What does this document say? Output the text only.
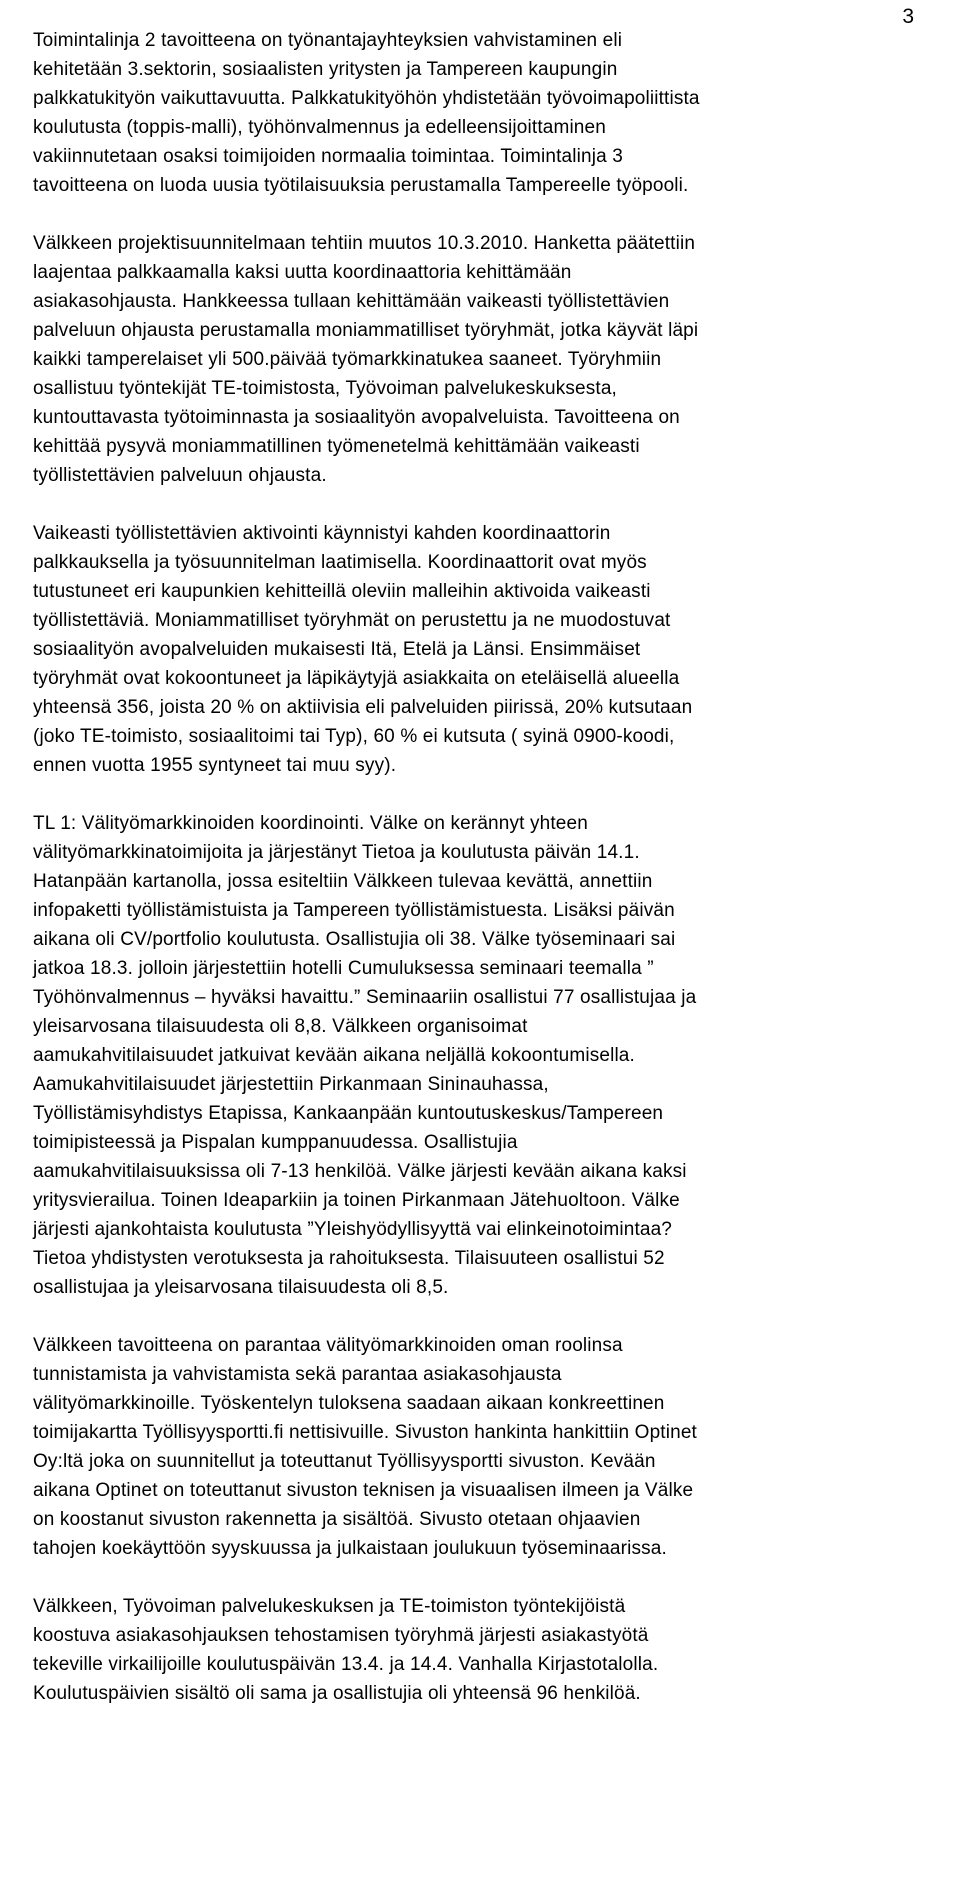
3

Toimintalinja 2 tavoitteena on työnantajayhteyksien vahvistaminen eli
kehitetään 3.sektorin, sosiaalisten yritysten ja Tampereen kaupungin
palkkatukityön vaikuttavuutta. Palkkatukityöhön yhdistetään työvoimapoliittista
koulutusta (toppis-malli), työhönvalmennus ja edelleensijoittaminen
vakiinnutetaan osaksi toimijoiden normaalia toimintaa. Toimintalinja 3
tavoitteena on luoda uusia työtilaisuuksia perustamalla Tampereelle työpooli.

Välkkeen projektisuunnitelmaan tehtiin muutos 10.3.2010. Hanketta päätettiin
laajentaa palkkaamalla kaksi uutta koordinaattoria kehittämään
asiakasohjausta. Hankkeessa tullaan kehittämään vaikeasti työllistettävien
palveluun ohjausta perustamalla moniammatilliset työryhmät, jotka käyvät läpi
kaikki tamperelaiset yli 500.päivää työmarkkinatukea saaneet. Työryhmiin
osallistuu työntekijät TE-toimistosta, Työvoiman palvelukeskuksesta,
kuntouttavasta työtoiminnasta ja sosiaalityön avopalveluista. Tavoitteena on
kehittää pysyvä moniammatillinen työmenetelmä kehittämään vaikeasti
työllistettävien palveluun ohjausta.

Vaikeasti työllistettävien aktivointi käynnistyi kahden koordinaattorin
palkkauksella ja työsuunnitelman laatimisella. Koordinaattorit ovat myös
tutustuneet eri kaupunkien kehitteillä oleviin malleihin aktivoida vaikeasti
työllistettäviä. Moniammatilliset työryhmät on perustettu ja ne muodostuvat
sosiaalityön avopalveluiden mukaisesti Itä, Etelä ja Länsi. Ensimmäiset
työryhmät ovat kokoontuneet ja läpikäytyjä asiakkaita on eteläisellä alueella
yhteensä 356, joista 20 % on aktiivisia eli palveluiden piirissä, 20% kutsutaan
(joko TE-toimisto, sosiaalitoimi tai Typ), 60 % ei kutsuta ( syinä 0900-koodi,
ennen vuotta 1955 syntyneet tai muu syy).

TL 1: Välityömarkkinoiden koordinointi. Välke on kerännyt yhteen
välityömarkkinatoimijoita ja järjestänyt Tietoa ja koulutusta päivän 14.1.
Hatanpään kartanolla, jossa esiteltiin Välkkeen tulevaa kevättä, annettiin
infopaketti työllistämistuista ja Tampereen työllistämistuesta. Lisäksi päivän
aikana oli CV/portfolio koulutusta. Osallistujia oli 38. Välke työseminaari sai
jatkoa 18.3. jolloin järjestettiin hotelli Cumuluksessa seminaari teemalla ”
Työhönvalmennus – hyväksi havaittu.” Seminaariin osallistui 77 osallistujaa ja
yleisarvosana tilaisuudesta oli 8,8. Välkkeen organisoimat
aamukahvitilaisuudet jatkuivat kevään aikana neljällä kokoontumisella.
Aamukahvitilaisuudet järjestettiin Pirkanmaan Sininauhassa,
Työllistämisyhdistys Etapissa, Kankaanpään kuntoutuskeskus/Tampereen
toimipisteessä ja Pispalan kumppanuudessa. Osallistujia
aamukahvitilaisuuksissa oli 7-13 henkilöä. Välke järjesti kevään aikana kaksi
yritysvierailua. Toinen Ideaparkiin ja toinen Pirkanmaan Jätehuoltoon. Välke
järjesti ajankohtaista koulutusta ”Yleishyödyllisyyttä vai elinkeinotoimintaa?
Tietoa yhdistysten verotuksesta ja rahoituksesta. Tilaisuuteen osallistui 52
osallistujaa ja yleisarvosana tilaisuudesta oli 8,5.

Välkkeen tavoitteena on parantaa välityömarkkinoiden oman roolinsa
tunnistamista ja vahvistamista sekä parantaa asiakasohjausta
välityömarkkinoille. Työskentelyn tuloksena saadaan aikaan konkreettinen
toimijakartta Työllisyysportti.fi nettisivuille. Sivuston hankinta hankittiin Optinet
Oy:ltä joka on suunnitellut ja toteuttanut Työllisyysportti sivuston. Kevään
aikana Optinet on toteuttanut sivuston teknisen ja visuaalisen ilmeen ja Välke
on koostanut sivuston rakennetta ja sisältöä. Sivusto otetaan ohjaavien
tahojen koekäyttöön syyskuussa ja julkaistaan joulukuun työseminaarissa.

Välkkeen, Työvoiman palvelukeskuksen ja TE-toimiston työntekijöistä
koostuva asiakasohjauksen tehostamisen työryhmä järjesti asiakastyötä
tekeville virkailijoille koulutuspäivän 13.4. ja 14.4. Vanhalla Kirjastotalolla.
Koulutuspäivien sisältö oli sama ja osallistujia oli yhteensä 96 henkilöä.
